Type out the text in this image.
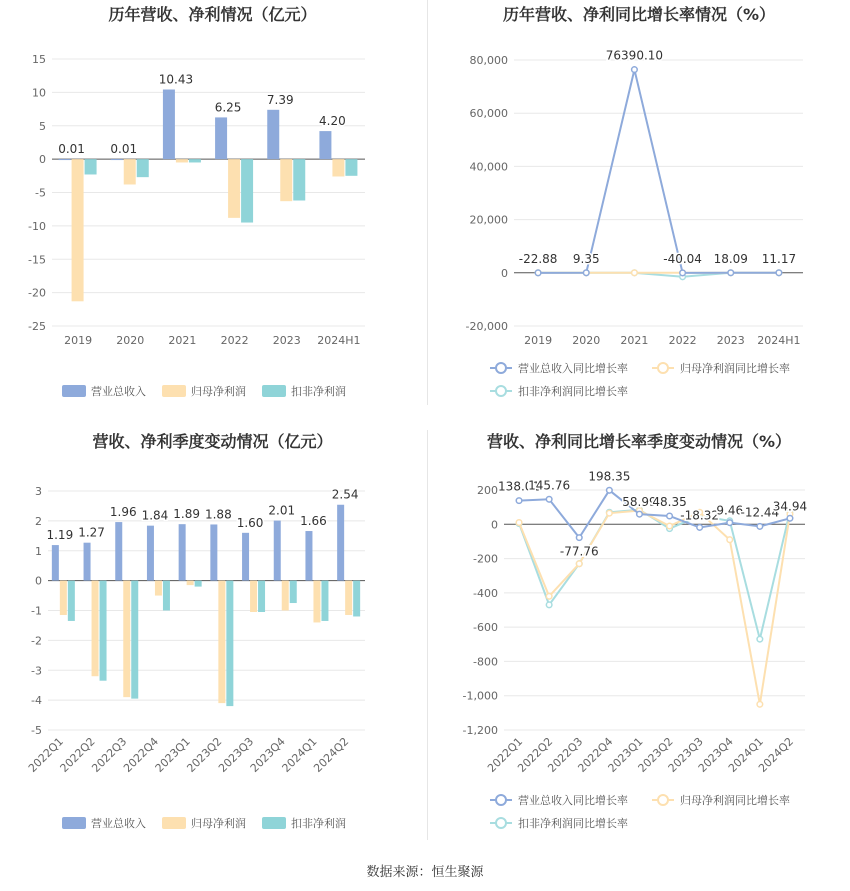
历年营收、净利情况（亿元）
15
10
5
0
-5
-10
-15
-20
-25
0.01
2019
0.01
2020
10.43
2021
6.25
2022
7.39
2023
4.20
2024H1
营业总收入	归母净利润	扣非净利润
历年营收、净利同比增长率情况（%）
80,000
60,000
40,000
20,000
0
-20,000
-22.88 9.35
76390.10
-40.04 18.09 11.17
2019 2020 2021 2022 2023 2024H1
营业总收入同比增长率	归母净利润同比增长率
扣非净利润同比增长率
营收、净利季度变动情况（亿元）
3
2
1
0
-1
-2
-3
-4
-5
1.19
2022Q1
1.27
2022Q2
1.96
2022Q3
1.84
2022Q4
1.89
2023Q1
1.88
2023Q2
1.60
2023Q3
2.01
2023Q4
1.66
2024Q1
2.54
2024Q2
营业总收入	归母净利润	扣非净利润
营收、净利同比增长率季度变动情况（%）
200
0
-200
-400
-600
-800
-1,000
-1,200
138.01
145.76
-77.76
198.35
58.99
48.35
-18.32
9.46
-12.44
34.94
2022Q1
2022Q2
2022Q3
2022Q4
2023Q1
2023Q2
2023Q3
2023Q4
2024Q1
2024Q2
营业总收入同比增长率	归母净利润同比增长率
扣非净利润同比增长率
数据来源：恒生聚源
